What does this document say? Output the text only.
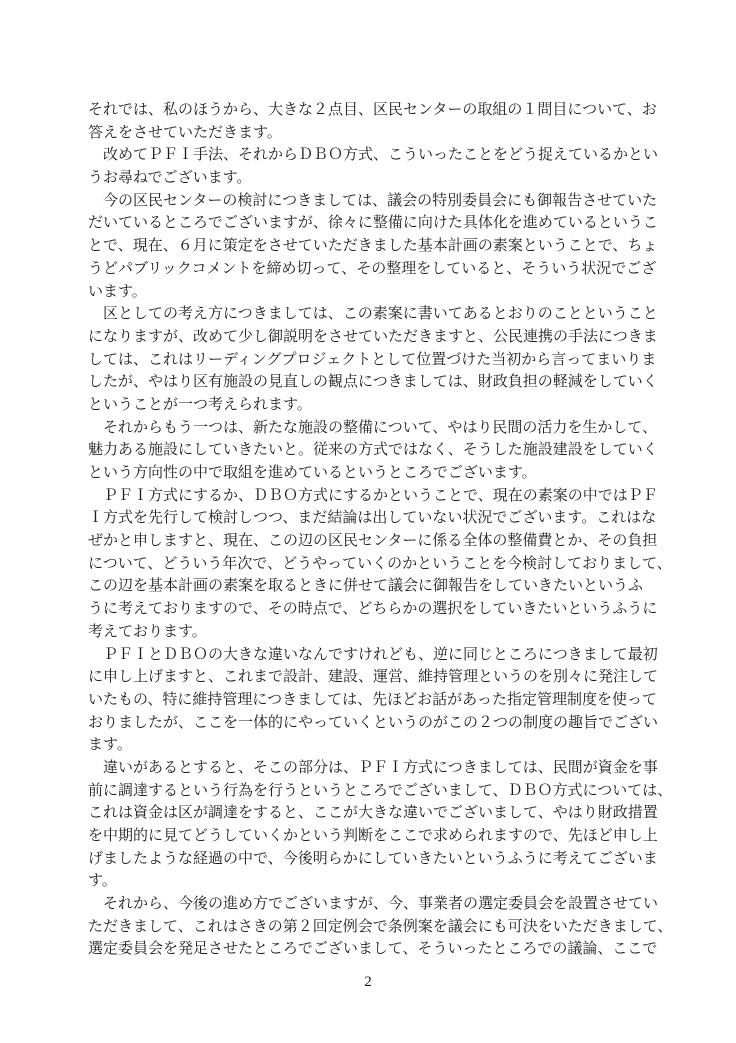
それでは、私のほうから、大きな２点目、区民センターの取組の１問目について、お
答えをさせていただきます。
　改めてＰＦＩ手法、それからＤＢＯ方式、こういったことをどう捉えているかとい
うお尋ねでございます。
　今の区民センターの検討につきましては、議会の特別委員会にも御報告させていた
だいているところでございますが、徐々に整備に向けた具体化を進めているというこ
とで、現在、６月に策定をさせていただきました基本計画の素案ということで、ちょ
うどパブリックコメントを締め切って、その整理をしていると、そういう状況でござ
います。
　区としての考え方につきましては、この素案に書いてあるとおりのことということ
になりますが、改めて少し御説明をさせていただきますと、公民連携の手法につきま
しては、これはリーディングプロジェクトとして位置づけた当初から言ってまいりま
したが、やはり区有施設の見直しの観点につきましては、財政負担の軽減をしていく
ということが一つ考えられます。
　それからもう一つは、新たな施設の整備について、やはり民間の活力を生かして、
魅力ある施設にしていきたいと。従来の方式ではなく、そうした施設建設をしていく
という方向性の中で取組を進めているというところでございます。
　ＰＦＩ方式にするか、ＤＢＯ方式にするかということで、現在の素案の中ではＰＦ
Ｉ方式を先行して検討しつつ、まだ結論は出していない状況でございます。これはな
ぜかと申しますと、現在、この辺の区民センターに係る全体の整備費とか、その負担
について、どういう年次で、どうやっていくのかということを今検討しておりまして、
この辺を基本計画の素案を取るときに併せて議会に御報告をしていきたいというふ
うに考えておりますので、その時点で、どちらかの選択をしていきたいというふうに
考えております。
　ＰＦＩとＤＢＯの大きな違いなんですけれども、逆に同じところにつきまして最初
に申し上げますと、これまで設計、建設、運営、維持管理というのを別々に発注して
いたもの、特に維持管理につきましては、先ほどお話があった指定管理制度を使って
おりましたが、ここを一体的にやっていくというのがこの２つの制度の趣旨でござい
ます。
　違いがあるとすると、そこの部分は、ＰＦＩ方式につきましては、民間が資金を事
前に調達するという行為を行うというところでございまして、ＤＢＯ方式については、
これは資金は区が調達をすると、ここが大きな違いでございまして、やはり財政措置
を中期的に見てどうしていくかという判断をここで求められますので、先ほど申し上
げましたような経過の中で、今後明らかにしていきたいというふうに考えてございま
す。
　それから、今後の進め方でございますが、今、事業者の選定委員会を設置させてい
ただきまして、これはさきの第２回定例会で条例案を議会にも可決をいただきまして、
選定委員会を発足させたところでございまして、そういったところでの議論、ここで
2
